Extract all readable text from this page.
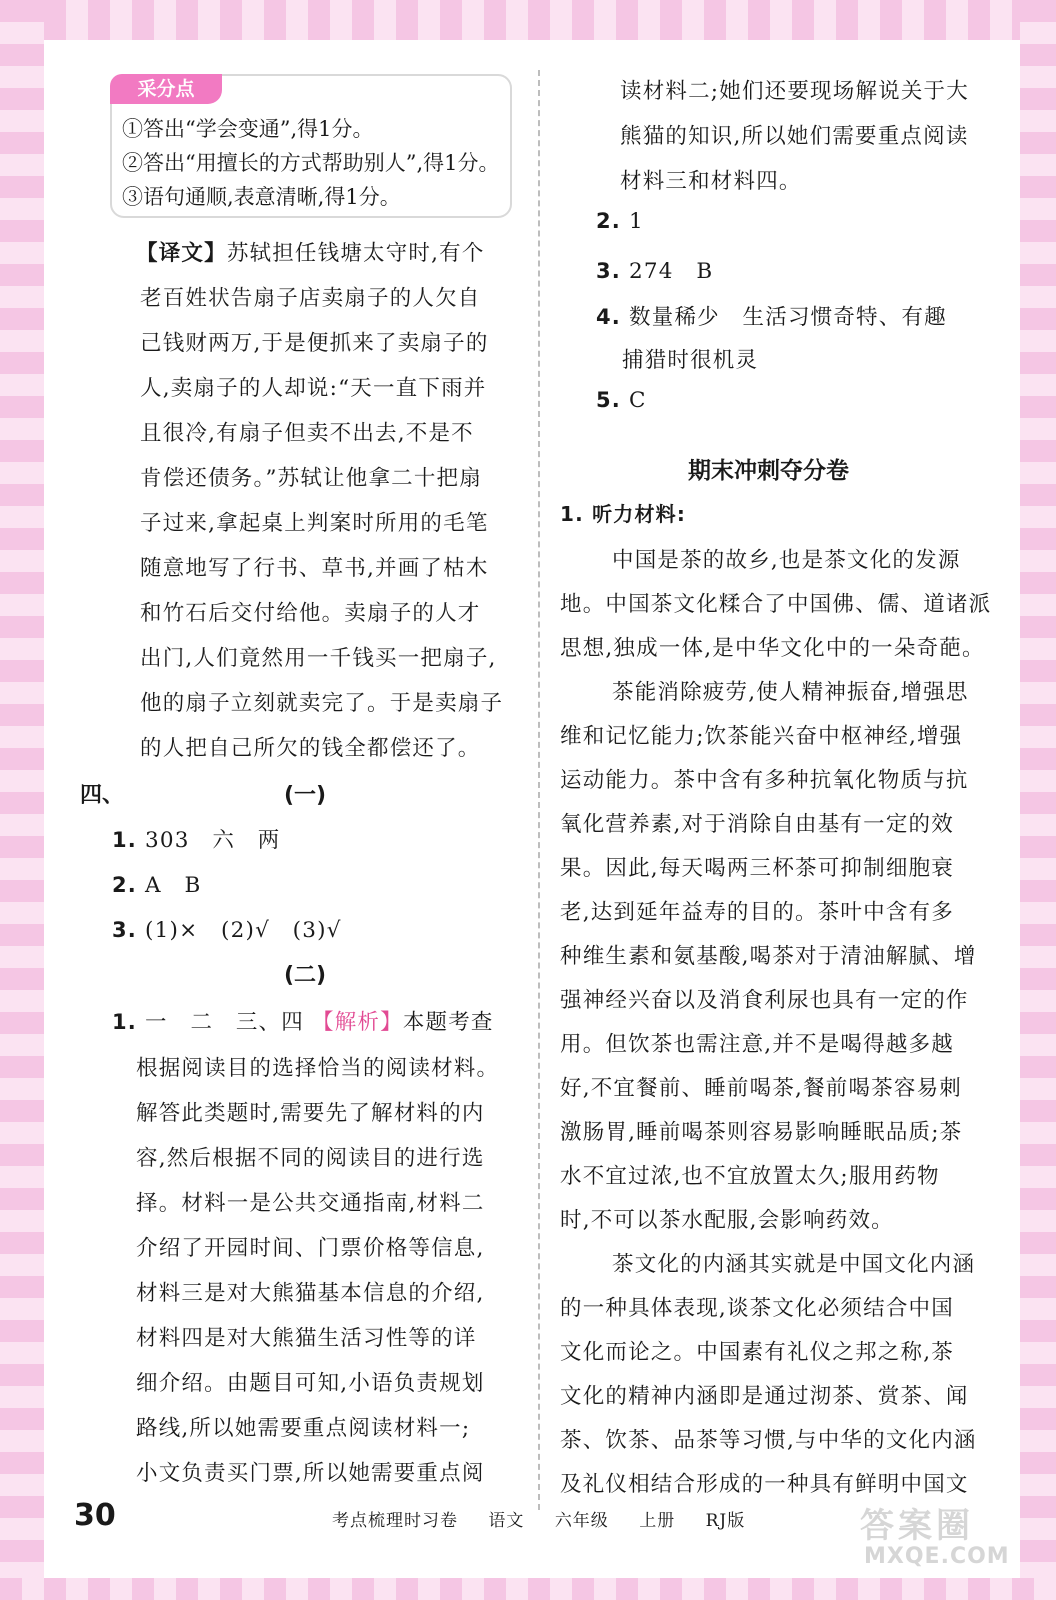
采分点
①答出“学会变通”,得1分。
②答出“用擅长的方式帮助别人”,得1分。
③语句通顺,表意清晰,得1分。
【译文】苏轼担任钱塘太守时,有个
老百姓状告扇子店卖扇子的人欠自
己钱财两万,于是便抓来了卖扇子的
人,卖扇子的人却说:“天一直下雨并
且很冷,有扇子但卖不出去,不是不
肯偿还债务。”苏轼让他拿二十把扇
子过来,拿起桌上判案时所用的毛笔
随意地写了行书、草书,并画了枯木
和竹石后交付给他。卖扇子的人才
出门,人们竟然用一千钱买一把扇子,
他的扇子立刻就卖完了。于是卖扇子
的人把自己所欠的钱全都偿还了。
四、	(一)
1. 303　六　两
2. A　B
3. (1)×　(2)√　(3)√
(二)
1. 一　二　三、四 【解析】本题考查
根据阅读目的选择恰当的阅读材料。
解答此类题时,需要先了解材料的内
容,然后根据不同的阅读目的进行选
择。材料一是公共交通指南,材料二
介绍了开园时间、门票价格等信息,
材料三是对大熊猫基本信息的介绍,
材料四是对大熊猫生活习性等的详
细介绍。由题目可知,小语负责规划
路线,所以她需要重点阅读材料一;
小文负责买门票,所以她需要重点阅
读材料二;她们还要现场解说关于大
熊猫的知识,所以她们需要重点阅读
材料三和材料四。
2. 1
3. 274　B
4. 数量稀少　生活习惯奇特、有趣
捕猎时很机灵
5. C
期末冲刺夺分卷
1. 听力材料:
中国是茶的故乡,也是茶文化的发源
地。中国茶文化糅合了中国佛、儒、道诸派
思想,独成一体,是中华文化中的一朵奇葩。
茶能消除疲劳,使人精神振奋,增强思
维和记忆能力;饮茶能兴奋中枢神经,增强
运动能力。茶中含有多种抗氧化物质与抗
氧化营养素,对于消除自由基有一定的效
果。因此,每天喝两三杯茶可抑制细胞衰
老,达到延年益寿的目的。茶叶中含有多
种维生素和氨基酸,喝茶对于清油解腻、增
强神经兴奋以及消食利尿也具有一定的作
用。但饮茶也需注意,并不是喝得越多越
好,不宜餐前、睡前喝茶,餐前喝茶容易刺
激肠胃,睡前喝茶则容易影响睡眠品质;茶
水不宜过浓,也不宜放置太久;服用药物
时,不可以茶水配服,会影响药效。
茶文化的内涵其实就是中国文化内涵
的一种具体表现,谈茶文化必须结合中国
文化而论之。中国素有礼仪之邦之称,茶
文化的精神内涵即是通过沏茶、赏茶、闻
茶、饮茶、品茶等习惯,与中华的文化内涵
及礼仪相结合形成的一种具有鲜明中国文
30	考点梳理时习卷 语文 六年级 上册 RJ版	答案圈
MXQE.COM
